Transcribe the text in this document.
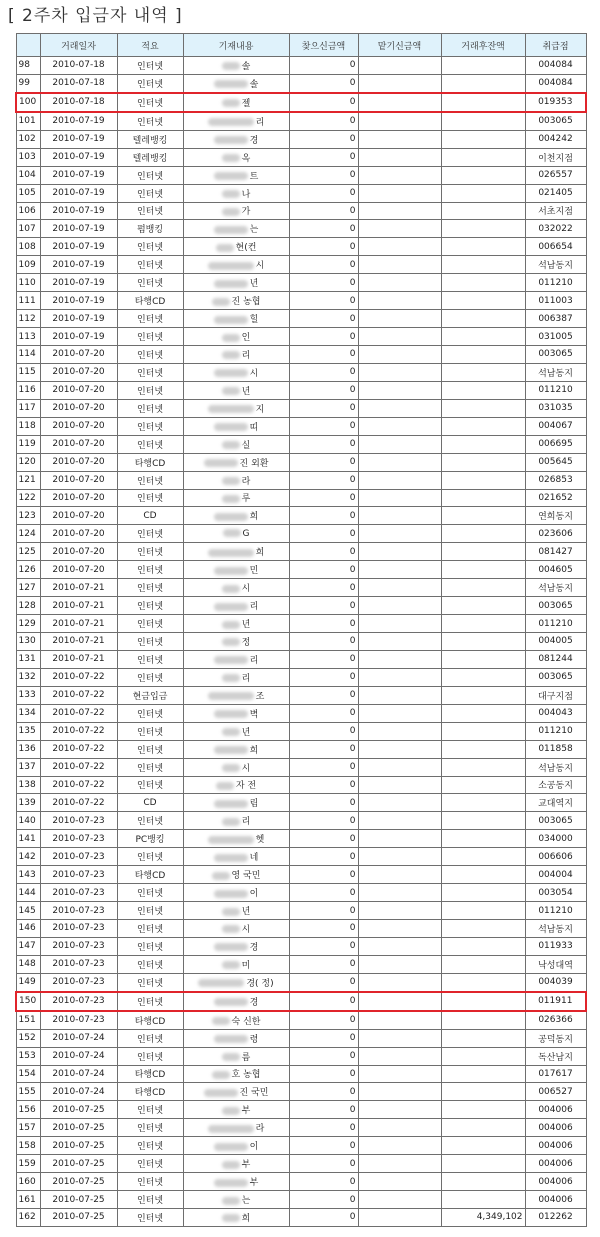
[ 2주차 입금자 내역 ]
	거래일자	적요	기재내용	찾으신금액	맡기신금액	거래후잔액	취급점
98	2010-07-18	인터넷	솔	0			004084
99	2010-07-18	인터넷	솔	0			004084
100	2010-07-18	인터넷	젤	0			019353
101	2010-07-19	인터넷	리	0			003065
102	2010-07-19	텔레뱅킹	경	0			004242
103	2010-07-19	텔레뱅킹	옥	0			이천지점
104	2010-07-19	인터넷	트	0			026557
105	2010-07-19	인터넷	나	0			021405
106	2010-07-19	인터넷	가	0			서초지점
107	2010-07-19	펌뱅킹	는	0			032022
108	2010-07-19	인터넷	현(컨	0			006654
109	2010-07-19	인터넷	시	0			석남동지
110	2010-07-19	인터넷	년	0			011210
111	2010-07-19	타행CD	진 농협	0			011003
112	2010-07-19	인터넷	힐	0			006387
113	2010-07-19	인터넷	인	0			031005
114	2010-07-20	인터넷	리	0			003065
115	2010-07-20	인터넷	시	0			석남동지
116	2010-07-20	인터넷	년	0			011210
117	2010-07-20	인터넷	지	0			031035
118	2010-07-20	인터넷	띠	0			004067
119	2010-07-20	인터넷	실	0			006695
120	2010-07-20	타행CD	진 외환	0			005645
121	2010-07-20	인터넷	라	0			026853
122	2010-07-20	인터넷	루	0			021652
123	2010-07-20	CD	희	0			연희동지
124	2010-07-20	인터넷	G	0			023606
125	2010-07-20	인터넷	희	0			081427
126	2010-07-20	인터넷	민	0			004605
127	2010-07-21	인터넷	시	0			석남동지
128	2010-07-21	인터넷	리	0			003065
129	2010-07-21	인터넷	년	0			011210
130	2010-07-21	인터넷	정	0			004005
131	2010-07-21	인터넷	리	0			081244
132	2010-07-22	인터넷	리	0			003065
133	2010-07-22	현금입금	조	0			대구지점
134	2010-07-22	인터넷	벽	0			004043
135	2010-07-22	인터넷	년	0			011210
136	2010-07-22	인터넷	희	0			011858
137	2010-07-22	인터넷	시	0			석남동지
138	2010-07-22	인터넷	자 전	0			소공동지
139	2010-07-22	CD	림	0			교대역지
140	2010-07-23	인터넷	리	0			003065
141	2010-07-23	PC뱅킹	헷	0			034000
142	2010-07-23	인터넷	네	0			006606
143	2010-07-23	타행CD	영 국민	0			004004
144	2010-07-23	인터넷	이	0			003054
145	2010-07-23	인터넷	년	0			011210
146	2010-07-23	인터넷	시	0			석남동지
147	2010-07-23	인터넷	경	0			011933
148	2010-07-23	인터넷	미	0			낙성대역
149	2010-07-23	인터넷	경( 정)	0			004039
150	2010-07-23	인터넷	경	0			011911
151	2010-07-23	타행CD	숙 신한	0			026366
152	2010-07-24	인터넷	령	0			공덕동지
153	2010-07-24	인터넷	름	0			독산남지
154	2010-07-24	타행CD	호 농협	0			017617
155	2010-07-24	타행CD	진 국민	0			006527
156	2010-07-25	인터넷	부	0			004006
157	2010-07-25	인터넷	라	0			004006
158	2010-07-25	인터넷	이	0			004006
159	2010-07-25	인터넷	부	0			004006
160	2010-07-25	인터넷	부	0			004006
161	2010-07-25	인터넷	는	0			004006
162	2010-07-25	인터넷	희	0		4,349,102	012262
